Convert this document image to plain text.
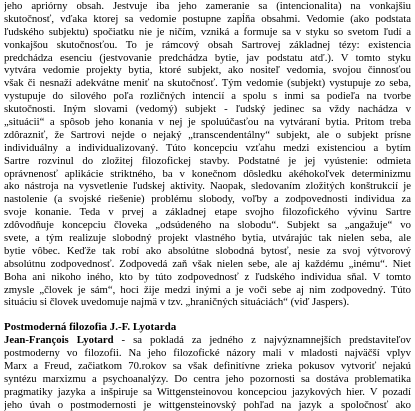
jeho apriórny obsah. Jestvuje iba jeho zameranie sa (intencionalita) na vonkajšiu
skutočnosť, vďaka ktorej sa vedomie postupne zapĺňa obsahmi. Vedomie (ako podstata
ľudského subjektu) spočiatku nie je ničím, vzniká a formuje sa v styku so svetom ľudí a
vonkajšou skutočnosťou. To je rámcový obsah Sartrovej základnej tézy: existencia
predchádza esenciu (jestvovanie predchádza bytie, jav podstatu atď.). V tomto styku
vytvára vedomie projekty bytia, ktoré subjekt, ako nositeľ vedomia, svojou činnosťou
však či nesnaží adekvátne meniť na skutočnosť. Tým vedomie (subjekt) vystupuje zo seba,
vystupuje do silového poľa rozličných intencií a spolu s inmi sa podieľa na tvorbe
skutočnosti. Iným slovami (vedomý) subjekt - ľudský jedinec sa vždy nachádza v
„situácii“ a spôsob jeho konania v nej je spoluúčasťou na vytváraní bytia. Pritom treba
zdôrazniť, že Sartrovi nejde o nejaký „transcendentálny“ subjekt, ale o subjekt prísne
individuálny a individualizovaný. Túto koncepciu vzťahu medzi existenciou a bytím
Sartre rozvinul do zložitej filozofickej stavby. Podstatné je jej vyústenie: odmieta
oprávnenosť aplikácie striktného, ba v konečnom dôsledku akéhokoľvek determinizmu
ako nástroja na vysvetlenie ľudskej aktivity. Naopak, sledovaním zložitých konštrukcií je
nastolenie (a svojské riešenie) problému slobody, voľby a zodpovednosti individua za
svoje konanie. Teda v prvej a základnej etape svojho filozofického vývinu Sartre
zdôvodňuje koncepciu človeka „odsúdeného na slobodu“. Subjekt sa „angažuje“ vo
svete, a tým realizuje slobodný projekt vlastného bytia, utvárajúc tak nielen seba, ale
bytie vôbec. Keďže tak robí ako absolútne slobodná bytosť, nesie za svoj výtvorový
absolútnu zodpovednosť. Zodpovedá zaň však nielen sebe, ale aj každému „inému“. Niet
Boha ani nikoho iného, kto by túto zodpovednosť z ľudského individua sňal. V tomto
zmysle „človek je sám“, hoci žije medzi inými a je voči sebe aj nim zodpovedný. Túto
situáciu si človek uvedomuje najmä v tzv. „hraničných situáciách“ (viď Jaspers).
Postmoderná filozofia J.-F. Lyotarda
Jean-François Lyotard - sa pokladá za jedného z najvýznamnejších predstaviteľov
postmoderny vo filozofii. Na jeho filozofické názory mali v mladosti najväčší vplyv
Marx a Freud, začiatkom 70.rokov sa však definitívne zrieka pokusov vytvoriť nejakú
syntézu marxizmu a psychoanalýzy. Do centra jeho pozornosti sa dostáva problematika
pragmatiky jazyka a inšpiruje sa Wittgensteinovou koncepciou jazykových hier. V pozadí
jeho úvah o postmodernosti je wittgensteinovský pohľad na jazyk a spoločnosť ako
